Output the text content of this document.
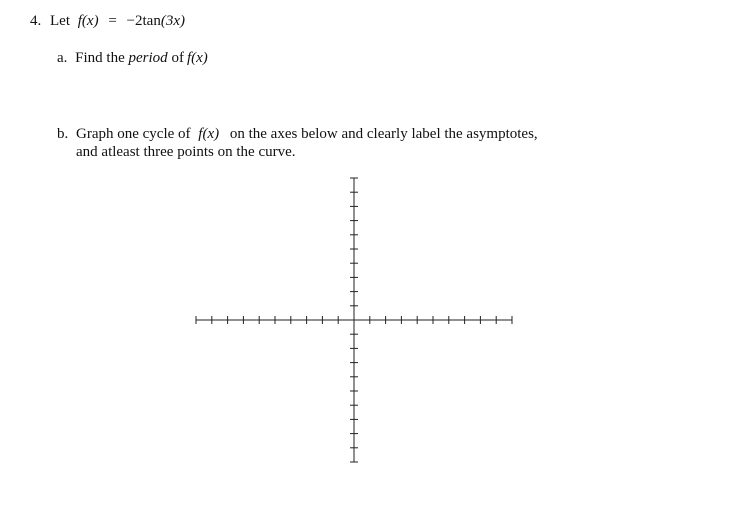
4. Let f(x) = −2tan(3x)
a. Find the period of f(x)
b. Graph one cycle of f(x) on the axes below and clearly label the asymptotes,
and atleast three points on the curve.
